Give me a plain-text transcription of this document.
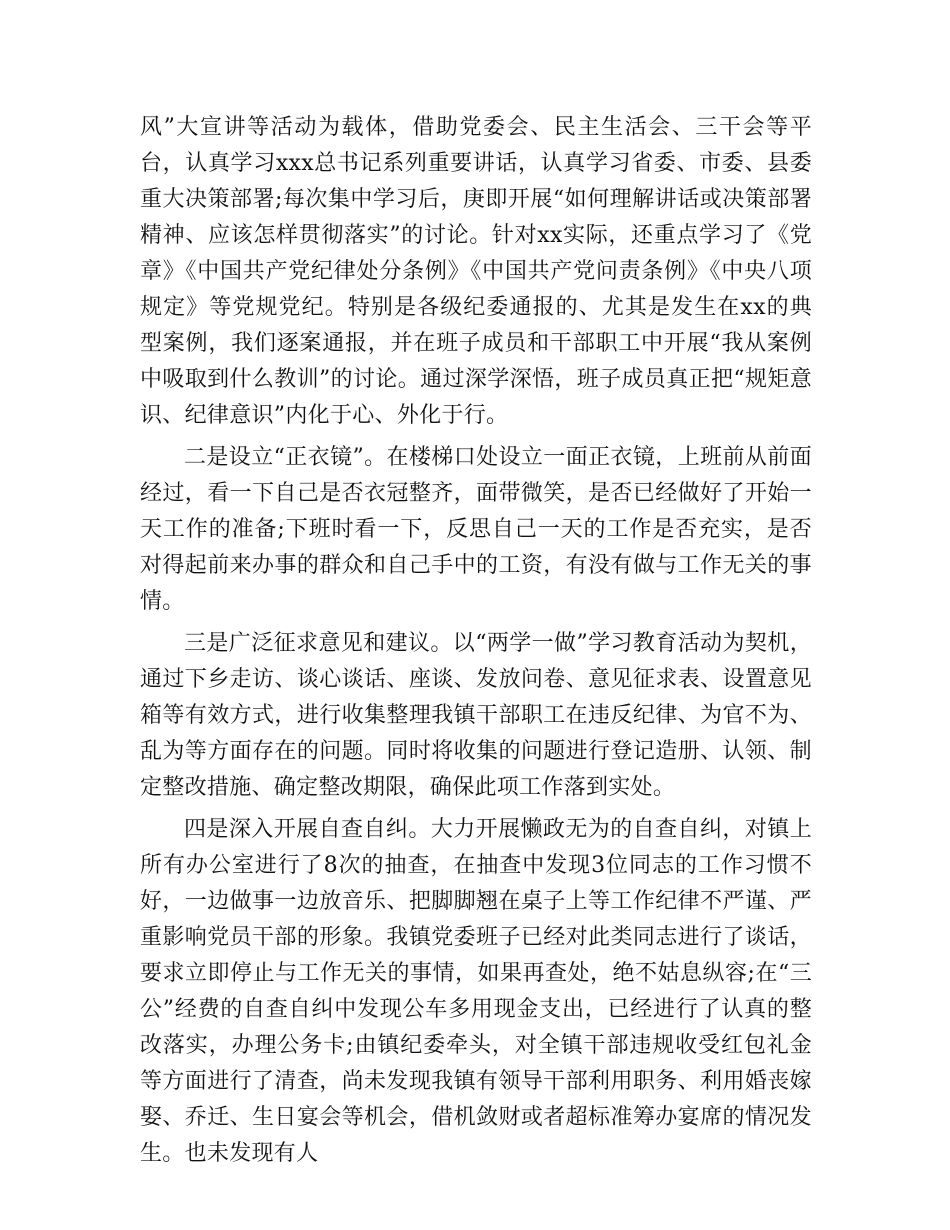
风”大宣讲等活动为载体，借助党委会、民主生活会、三干会等平台，认真学习xxx总书记系列重要讲话，认真学习省委、市委、县委重大决策部署;每次集中学习后，庚即开展“如何理解讲话或决策部署精神、应该怎样贯彻落实”的讨论。针对xx实际，还重点学习了《党章》《中国共产党纪律处分条例》《中国共产党问责条例》《中央八项规定》等党规党纪。特别是各级纪委通报的、尤其是发生在xx的典型案例，我们逐案通报，并在班子成员和干部职工中开展“我从案例中吸取到什么教训”的讨论。通过深学深悟，班子成员真正把“规矩意识、纪律意识”内化于心、外化于行。

二是设立“正衣镜”。在楼梯口处设立一面正衣镜，上班前从前面经过，看一下自己是否衣冠整齐，面带微笑，是否已经做好了开始一天工作的准备;下班时看一下，反思自己一天的工作是否充实，是否对得起前来办事的群众和自己手中的工资，有没有做与工作无关的事情。

三是广泛征求意见和建议。以“两学一做”学习教育活动为契机，通过下乡走访、谈心谈话、座谈、发放问卷、意见征求表、设置意见箱等有效方式，进行收集整理我镇干部职工在违反纪律、为官不为、乱为等方面存在的问题。同时将收集的问题进行登记造册、认领、制定整改措施、确定整改期限，确保此项工作落到实处。

四是深入开展自查自纠。大力开展懒政无为的自查自纠，对镇上所有办公室进行了8次的抽查，在抽查中发现3位同志的工作习惯不好，一边做事一边放音乐、把脚脚翘在桌子上等工作纪律不严谨、严重影响党员干部的形象。我镇党委班子已经对此类同志进行了谈话，要求立即停止与工作无关的事情，如果再查处，绝不姑息纵容;在“三公”经费的自查自纠中发现公车多用现金支出，已经进行了认真的整改落实，办理公务卡;由镇纪委牵头，对全镇干部违规收受红包礼金等方面进行了清查，尚未发现我镇有领导干部利用职务、利用婚丧嫁娶、乔迁、生日宴会等机会，借机敛财或者超标准筹办宴席的情况发生。也未发现有人
